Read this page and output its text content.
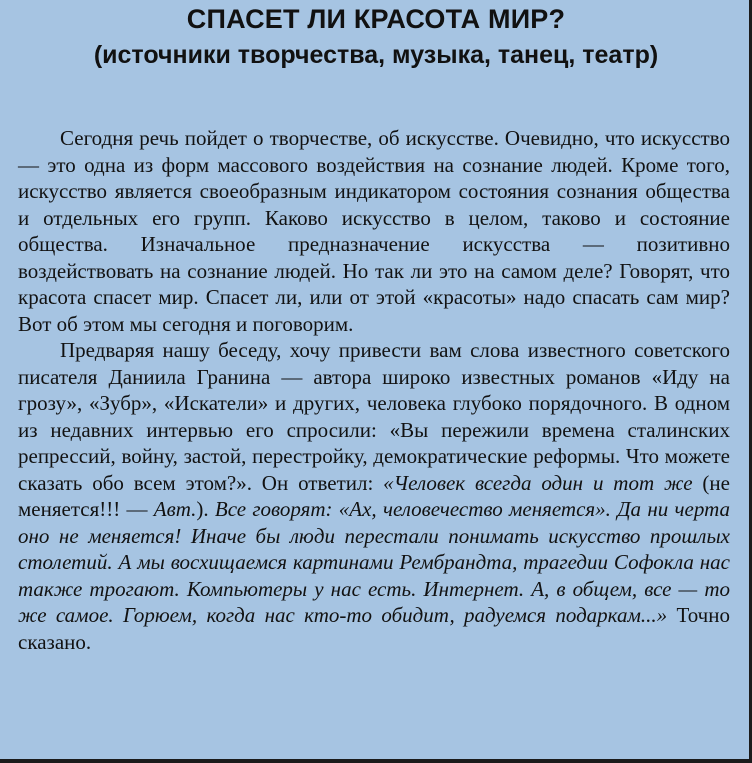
СПАСЕТ ЛИ КРАСОТА МИР?
(источники творчества, музыка, танец, театр)

Сегодня речь пойдет о творчестве, об искусстве. Очевидно, что искусство — это одна из форм массового воздействия на сознание людей. Кроме того, искусство является своеобразным индикатором состояния сознания общества и отдельных его групп. Каково искусство в целом, таково и состояние общества. Изначальное предназначение искусства — позитивно воздействовать на сознание людей. Но так ли это на самом деле? Говорят, что красота спасет мир. Спасет ли, или от этой «красоты» надо спасать сам мир? Вот об этом мы сегодня и поговорим.

Предваряя нашу беседу, хочу привести вам слова известного советского писателя Даниила Гранина — автора широко известных романов «Иду на грозу», «Зубр», «Искатели» и других, человека глубоко порядочного. В одном из недавних интервью его спросили: «Вы пережили времена сталинских репрессий, войну, застой, перестройку, демократические реформы. Что можете сказать обо всем этом?». Он ответил: «Человек всегда один и тот же (не меняется!!! — Авт.). Все говорят: «Ах, человечество меняется». Да ни черта оно не меняется! Иначе бы люди перестали понимать искусство прошлых столетий. А мы восхищаемся картинами Рембрандта, трагедии Софокла нас также трогают. Компьютеры у нас есть. Интернет. А, в общем, все — то же самое. Горюем, когда нас кто-то обидит, радуемся подаркам...» Точно сказано.
